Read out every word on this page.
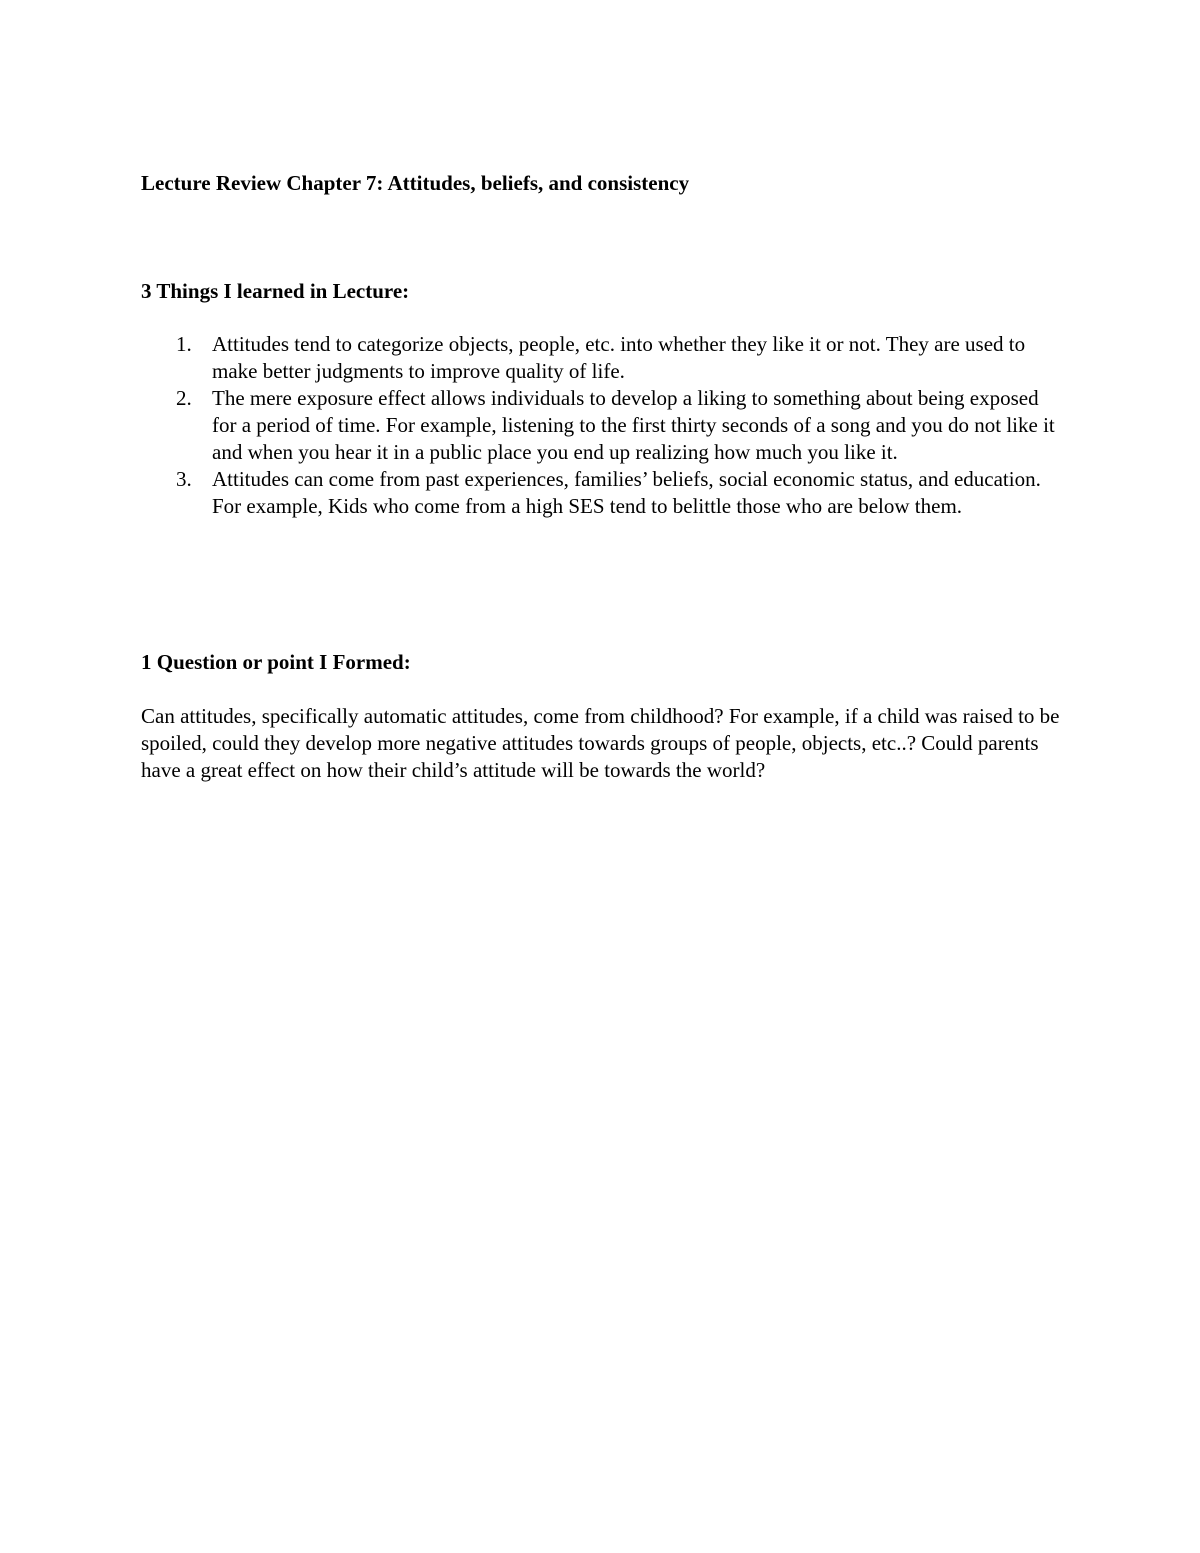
Lecture Review Chapter 7: Attitudes, beliefs, and consistency
3 Things I learned in Lecture:
1. Attitudes tend to categorize objects, people, etc. into whether they like it or not. They are used to make better judgments to improve quality of life.
2. The mere exposure effect allows individuals to develop a liking to something about being exposed for a period of time. For example, listening to the first thirty seconds of a song and you do not like it and when you hear it in a public place you end up realizing how much you like it.
3. Attitudes can come from past experiences, families’ beliefs, social economic status, and education. For example, Kids who come from a high SES tend to belittle those who are below them.
1 Question or point I Formed:

Can attitudes, specifically automatic attitudes, come from childhood? For example, if a child was raised to be spoiled, could they develop more negative attitudes towards groups of people, objects, etc..? Could parents have a great effect on how their child’s attitude will be towards the world?
